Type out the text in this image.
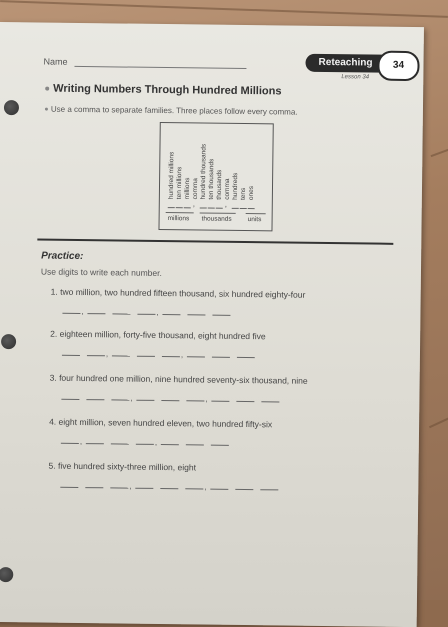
Name	Reteaching	34
Lesson 34
Writing Numbers Through Hundred Millions
Use a comma to separate families. Three places follow every comma.
hundred millions ten millions millions comma hundred thousands ten thousands thousands comma hundreds tens ones
,	,
millions thousands units
Practice:
Use digits to write each number.
1. two million, two hundred fifteen thousand, six hundred eighty-four
,	,
2. eighteen million, forty-five thousand, eight hundred five
,	,
3. four hundred one million, nine hundred seventy-six thousand, nine
,	,
4. eight million, seven hundred eleven, two hundred fifty-six
,	,
5. five hundred sixty-three million, eight
,	,
